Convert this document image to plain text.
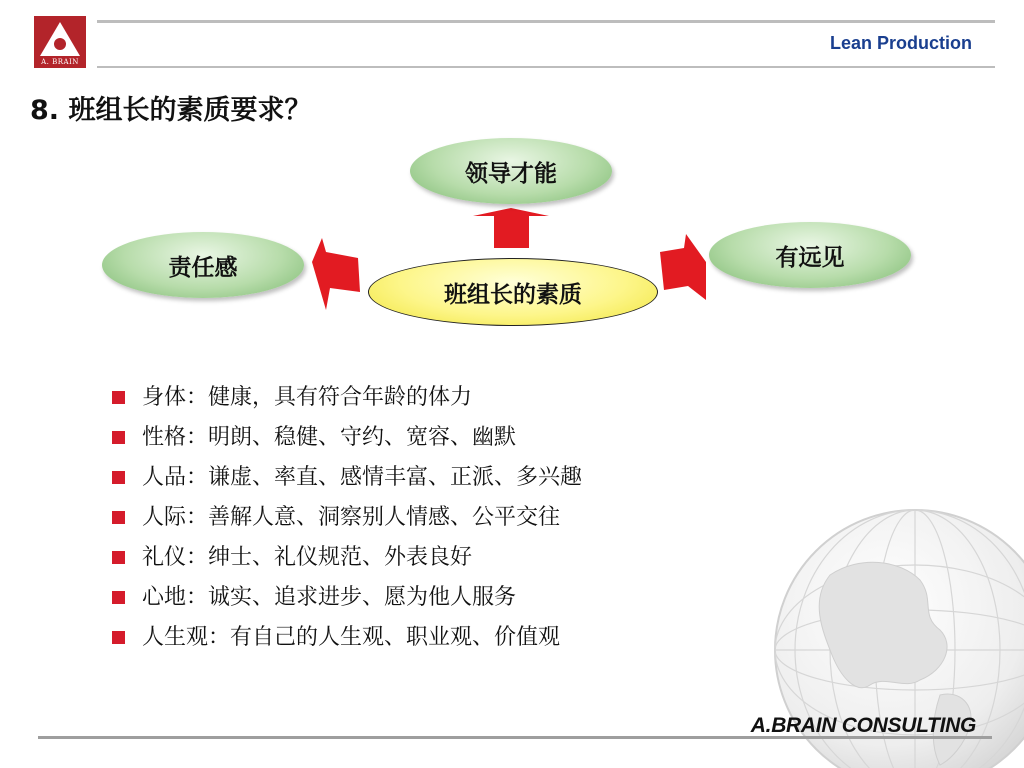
A. BRAIN
Lean Production
8. 班组长的素质要求？
领导才能
责任感	有远见
班组长的素质
身体：健康，具有符合年龄的体力
性格：明朗、稳健、守约、宽容、幽默
人品：谦虚、率直、感情丰富、正派、多兴趣
人际：善解人意、洞察别人情感、公平交往
礼仪：绅士、礼仪规范、外表良好
心地：诚实、追求进步、愿为他人服务
人生观：有自己的人生观、职业观、价值观
A.BRAIN CONSULTING
